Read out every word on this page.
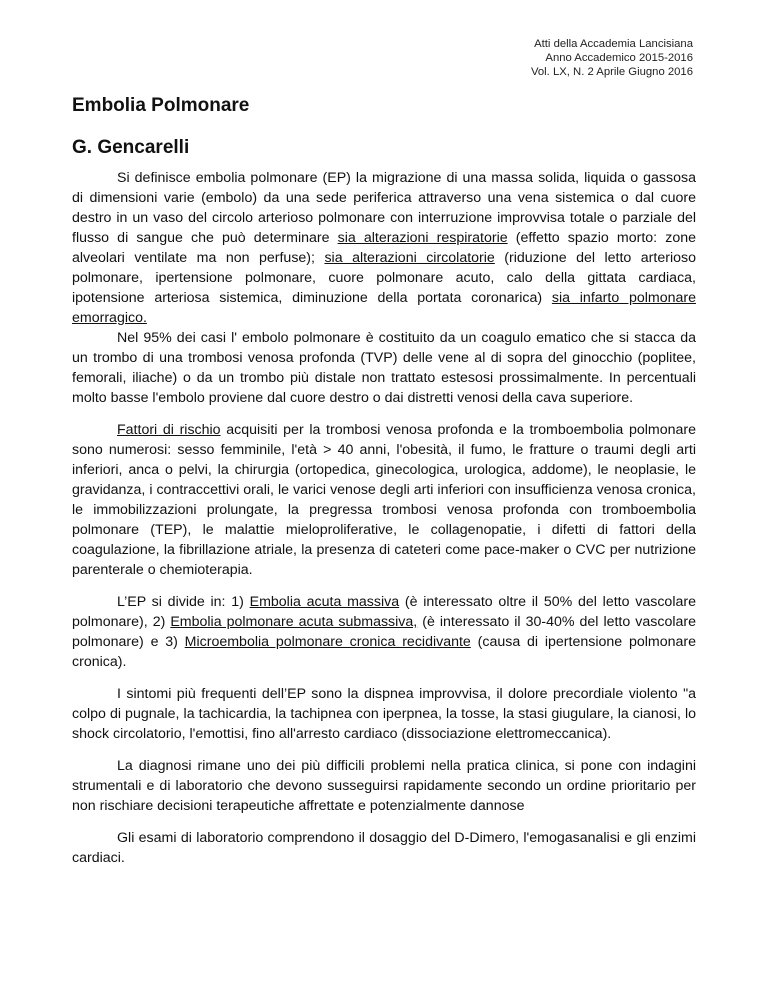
Atti della Accademia Lancisiana
Anno Accademico 2015-2016
Vol. LX, N. 2 Aprile Giugno 2016
Embolia Polmonare
G. Gencarelli

Si definisce embolia polmonare (EP) la migrazione di una massa solida, liquida o gassosa di dimensioni varie (embolo) da una sede periferica attraverso una vena sistemica o dal cuore destro in un vaso del circolo arterioso polmonare con interruzione improvvisa totale o parziale del flusso di sangue che può determinare sia alterazioni respiratorie (effetto spazio morto: zone alveolari ventilate ma non perfuse); sia alterazioni circolatorie (riduzione del letto arterioso polmonare, ipertensione polmonare, cuore polmonare acuto, calo della gittata cardiaca, ipotensione arteriosa sistemica, diminuzione della portata coronarica) sia infarto polmonare emorragico.

Nel 95% dei casi l' embolo polmonare è costituito da un coagulo ematico che si stacca da un trombo di una trombosi venosa profonda (TVP) delle vene al di sopra del ginocchio (poplitee, femorali, iliache) o da un trombo più distale non trattato estesosi prossimalmente. In percentuali molto basse l'embolo proviene dal cuore destro o dai distretti venosi della cava superiore.

Fattori di rischio acquisiti per la trombosi venosa profonda e la tromboembolia polmonare sono numerosi: sesso femminile, l'età > 40 anni, l'obesità, il fumo, le fratture o traumi degli arti inferiori, anca o pelvi, la chirurgia (ortopedica, ginecologica, urologica, addome), le neoplasie, le gravidanza, i contraccettivi orali, le varici venose degli arti inferiori con insufficienza venosa cronica, le immobilizzazioni prolungate, la pregressa trombosi venosa profonda con tromboembolia polmonare (TEP), le malattie mieloproliferative, le collagenopatie, i difetti di fattori della coagulazione, la fibrillazione atriale, la presenza di cateteri come pace-maker o CVC per nutrizione parenterale o chemioterapia.

L’EP si divide in: 1) Embolia acuta massiva (è interessato oltre il 50% del letto vascolare polmonare), 2) Embolia polmonare acuta submassiva, (è interessato il 30-40% del letto vascolare polmonare) e 3) Microembolia polmonare cronica recidivante (causa di ipertensione polmonare cronica).

I sintomi più frequenti dell’EP sono la dispnea improvvisa, il dolore precordiale violento "a colpo di pugnale, la tachicardia, la tachipnea con iperpnea, la tosse, la stasi giugulare, la cianosi, lo shock circolatorio, l'emottisi, fino all'arresto cardiaco (dissociazione elettromeccanica).

La diagnosi rimane uno dei più difficili problemi nella pratica clinica, si pone con indagini strumentali e di laboratorio che devono susseguirsi rapidamente secondo un ordine prioritario per non rischiare decisioni terapeutiche affrettate e potenzialmente dannose

Gli esami di laboratorio comprendono il dosaggio del D-Dimero, l'emogasanalisi e gli enzimi cardiaci.
